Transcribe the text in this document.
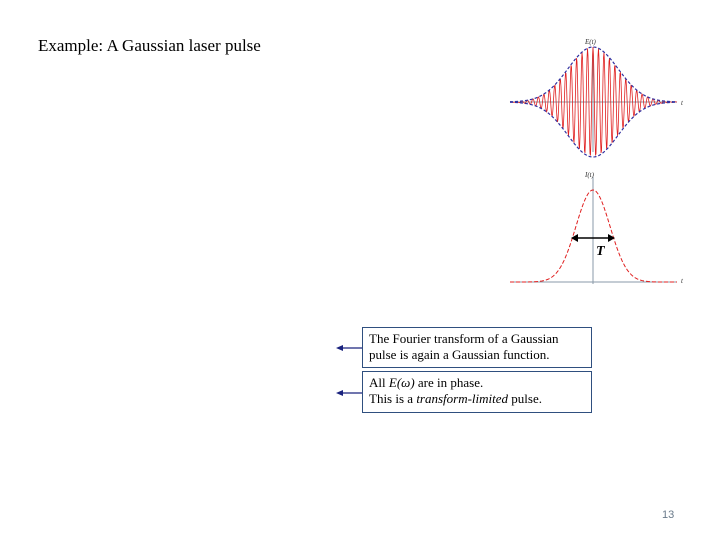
Example: A Gaussian laser pulse	E(t)
t
I(t)
t
T
The Fourier transform of a Gaussian
pulse is again a Gaussian function.
All E(ω) are in phase.
This is a transform-limited pulse.
13
